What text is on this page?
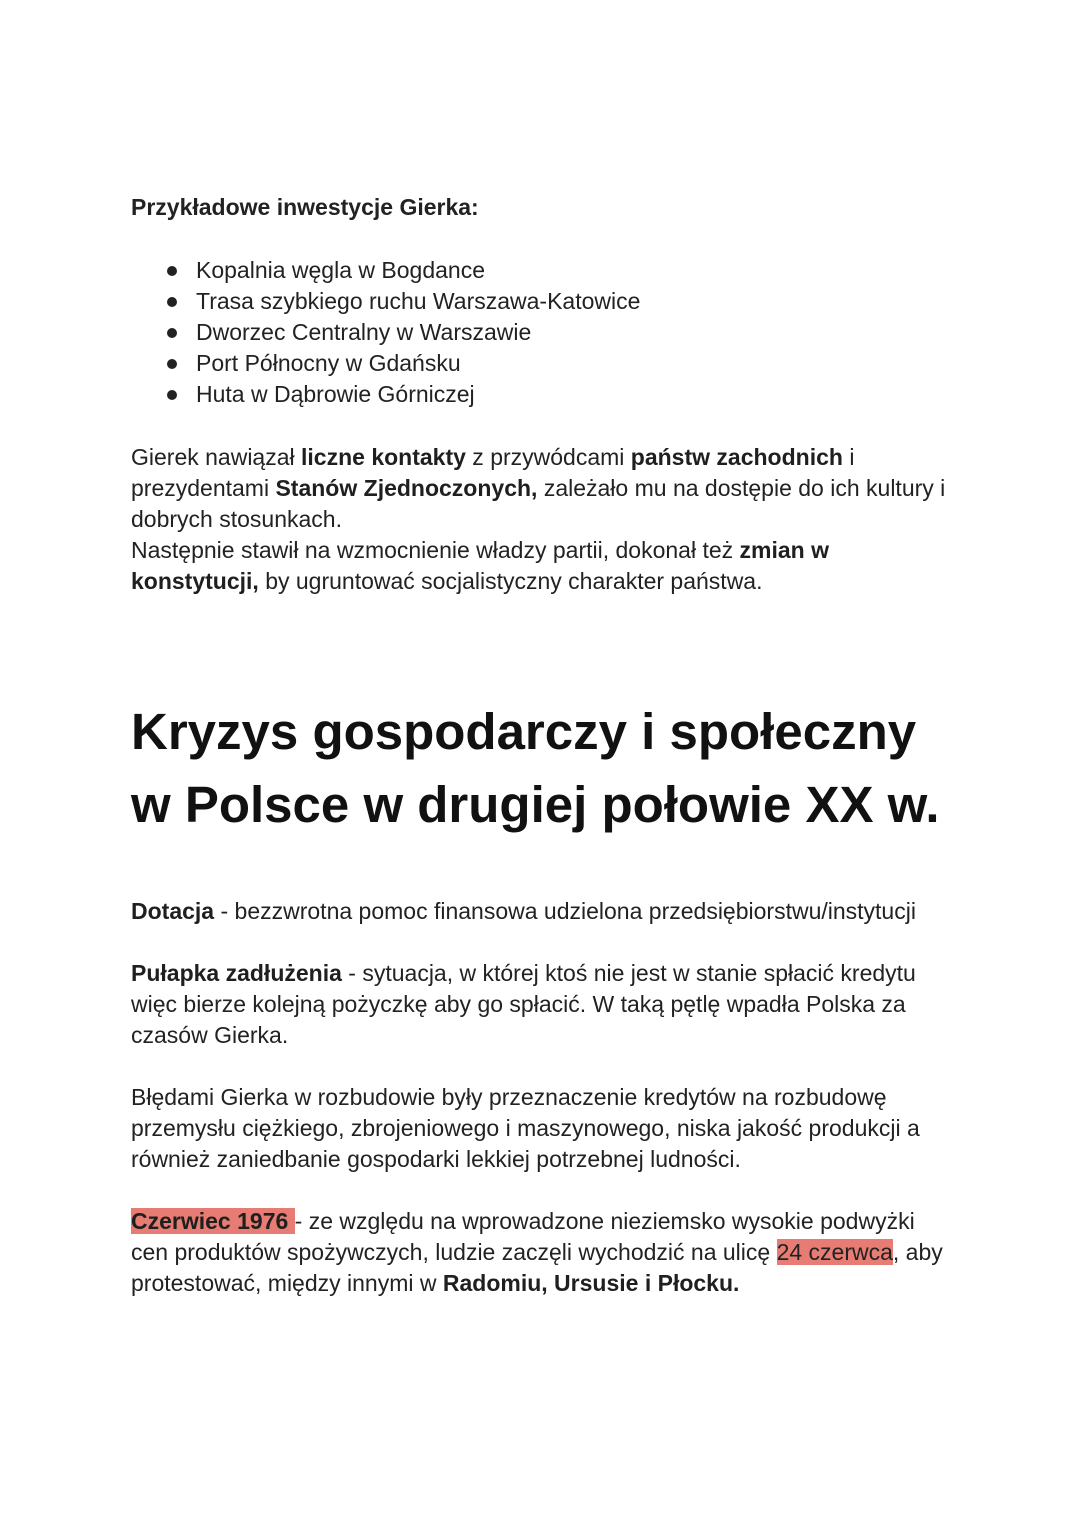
Przykładowe inwestycje Gierka:

Kopalnia węgla w Bogdance
Trasa szybkiego ruchu Warszawa-Katowice
Dworzec Centralny w Warszawie
Port Północny w Gdańsku
Huta w Dąbrowie Górniczej

Gierek nawiązał liczne kontakty z przywódcami państw zachodnich i prezydentami Stanów Zjednoczonych, zależało mu na dostępie do ich kultury i dobrych stosunkach.
Następnie stawił na wzmocnienie władzy partii, dokonał też zmian w konstytucji, by ugruntować socjalistyczny charakter państwa.

Kryzys gospodarczy i społeczny w Polsce w drugiej połowie XX w.

Dotacja - bezzwrotna pomoc finansowa udzielona przedsiębiorstwu/instytucji

Pułapka zadłużenia - sytuacja, w której ktoś nie jest w stanie spłacić kredytu więc bierze kolejną pożyczkę aby go spłacić. W taką pętlę wpadła Polska za czasów Gierka.

Błędami Gierka w rozbudowie były przeznaczenie kredytów na rozbudowę przemysłu ciężkiego, zbrojeniowego i maszynowego, niska jakość produkcji a również zaniedbanie gospodarki lekkiej potrzebnej ludności.

Czerwiec 1976 - ze względu na wprowadzone nieziemsko wysokie podwyżki cen produktów spożywczych, ludzie zaczęli wychodzić na ulicę 24 czerwca, aby protestować, między innymi w Radomiu, Ursusie i Płocku.
